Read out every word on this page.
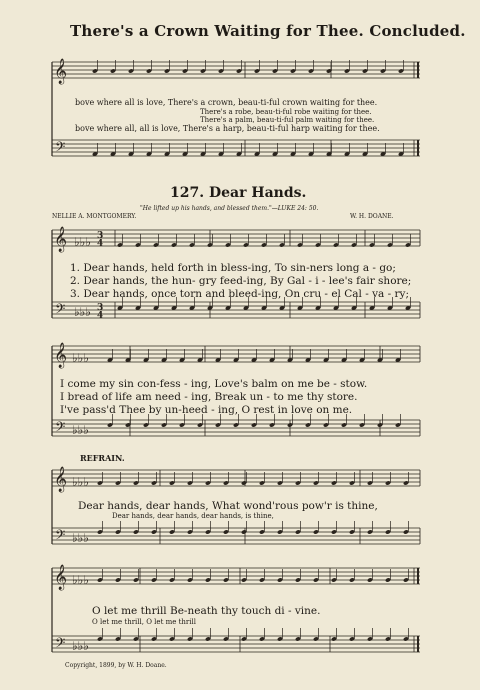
There's a Crown Waiting for Thee. Concluded.
𝄞
𝄢
𝄞
𝄢
𝄞
𝄢
𝄞
𝄢
𝄞
𝄢
♭♭♭
♭♭♭
♭♭♭
♭♭♭
♭♭♭
♭♭♭
♭♭♭
♭♭♭
3
4
3
4
bove where all is love, There's a crown, beau-ti-ful crown waiting for thee.
There's a robe, beau-ti-ful robe waiting for thee.
There's a palm, beau-ti-ful palm waiting for thee.
bove where all, all is love, There's a harp, beau-ti-ful harp waiting for thee.
127. Dear Hands.
"He lifted up his hands, and blessed them."—LUKE 24: 50.
NELLIE A. MONTGOMERY.	W. H. DOANE.
1. Dear hands, held forth in bless-ing, To sin-ners long a - go;
2. Dear hands, the hun- gry feed-ing, By Gal - i - lee's fair shore;
3. Dear hands, once torn and bleed-ing, On cru - el Cal - va - ry;
I come my sin con-fess - ing, Love's balm on me be - stow.
I bread of life am need - ing, Break un - to me thy store.
I've pass'd Thee by un-heed - ing, O rest in love on me.
REFRAIN.
Dear hands, dear hands, What wond'rous pow'r is thine,
Dear hands, dear hands, dear hands, is thine,
O let me thrill Be-neath thy touch di - vine.
O let me thrill, O let me thrill
Copyright, 1899, by W. H. Doane.
